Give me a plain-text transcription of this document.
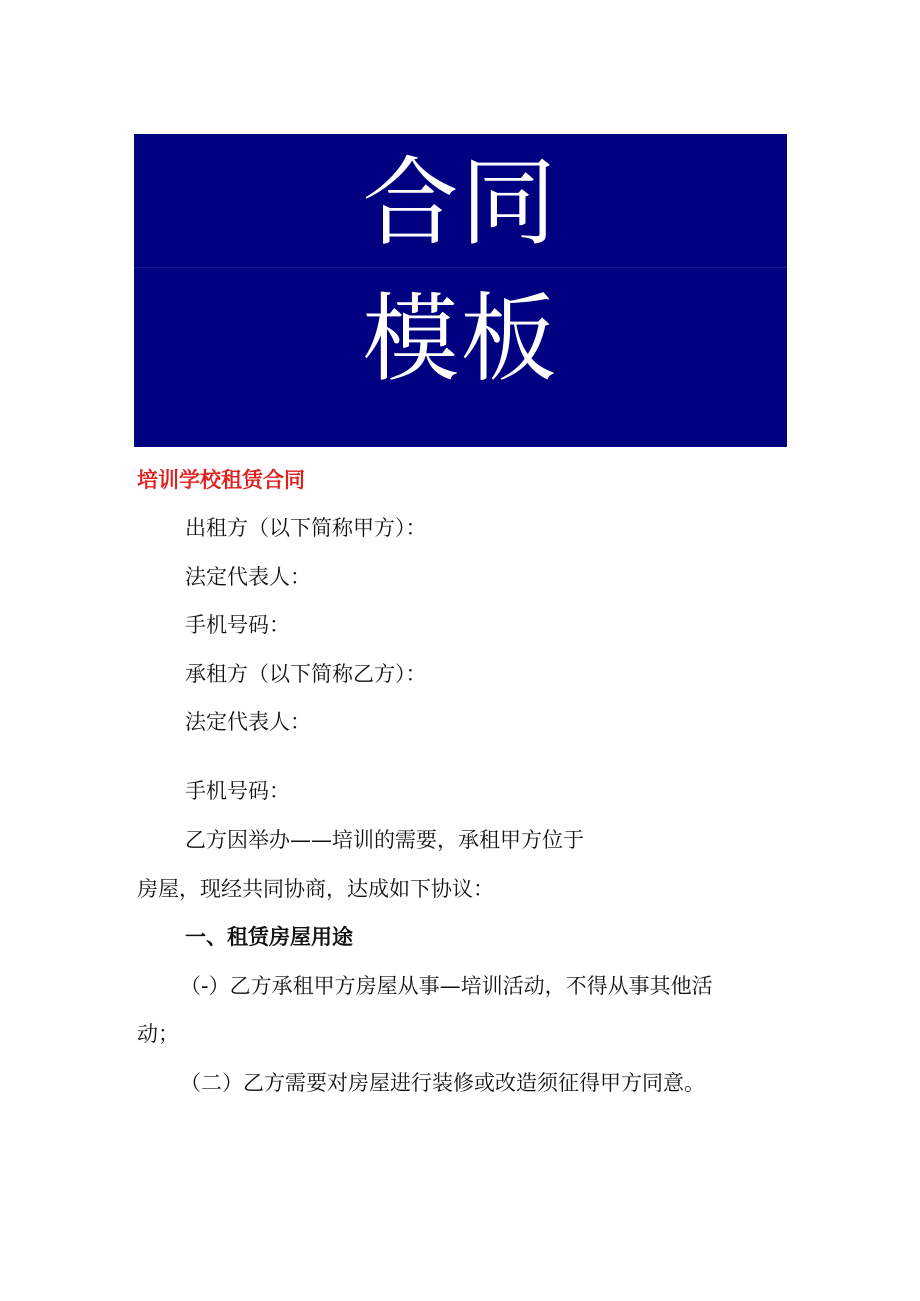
合同
模板
培训学校租赁合同
出租方（以下简称甲方）：
法定代表人：
手机号码：
承租方（以下简称乙方）：
法定代表人：
手机号码：
乙方因举办——培训的需要，承租甲方位于
房屋，现经共同协商，达成如下协议：
一、租赁房屋用途
（-）乙方承租甲方房屋从事—培训活动，不得从事其他活
动；
（二）乙方需要对房屋进行装修或改造须征得甲方同意。
